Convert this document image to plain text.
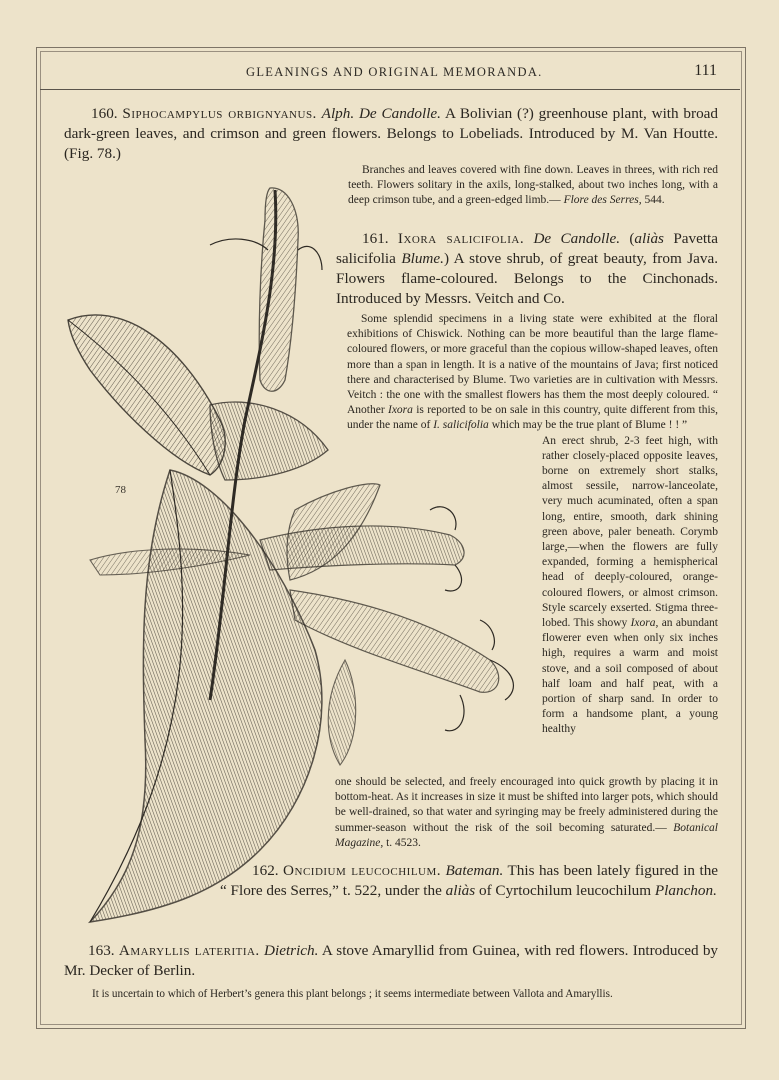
GLEANINGS AND ORIGINAL MEMORANDA.	111
160. Siphocampylus orbignyanus. Alph. De Candolle. A Bolivian (?) greenhouse plant, with broad dark-green leaves, and crimson and green flowers. Belongs to Lobeliads. Introduced by M. Van Houtte. (Fig. 78.)
Branches and leaves covered with fine down. Leaves in threes, with rich red teeth. Flowers solitary in the axils, long-stalked, about two inches long, with a deep crimson tube, and a green-edged limb.— Flore des Serres, 544.
161. Ixora salicifolia. De Candolle. (aliàs Pavetta salicifolia Blume.) A stove shrub, of great beauty, from Java. Flowers flame-coloured. Belongs to the Cinchonads. Introduced by Messrs. Veitch and Co.
Some splendid specimens in a living state were exhibited at the floral exhibitions of Chiswick. Nothing can be more beautiful than the large flame-coloured flowers, or more graceful than the copious willow-shaped leaves, often more than a span in length. It is a native of the mountains of Java; first noticed there and characterised by Blume. Two varieties are in cultivation with Messrs. Veitch : the one with the smallest flowers has them the most deeply coloured. “ Another Ixora is reported to be on sale in this country, quite different from this, under the name of I. salicifolia which may be the true plant of Blume ! ! ”
An erect shrub, 2-3 feet high, with rather closely-placed opposite leaves, borne on extremely short stalks, almost sessile, narrow-lanceolate, very much acuminated, often a span long, entire, smooth, dark shining green above, paler beneath. Corymb large,—when the flowers are fully expanded, forming a hemispherical head of deeply-coloured, orange-coloured flowers, or almost crimson. Style scarcely exserted. Stigma three-lobed. This showy Ixora, an abundant flowerer even when only six inches high, requires a warm and moist stove, and a soil composed of about half loam and half peat, with a portion of sharp sand. In order to form a handsome plant, a young healthy
one should be selected, and freely encouraged into quick growth by placing it in bottom-heat. As it increases in size it must be shifted into larger pots, which should be well-drained, so that water and syringing may be freely administered during the summer-season without the risk of the soil becoming saturated.— Botanical Magazine, t. 4523.
162. Oncidium leucochilum. Bateman. This has been lately figured in the “ Flore des Serres,” t. 522, under the aliàs of Cyrtochilum leucochilum Planchon.
163. Amaryllis lateritia. Dietrich. A stove Amaryllid from Guinea, with red flowers. Introduced by Mr. Decker of Berlin.
It is uncertain to which of Herbert’s genera this plant belongs ; it seems intermediate between Vallota and Amaryllis.
78
